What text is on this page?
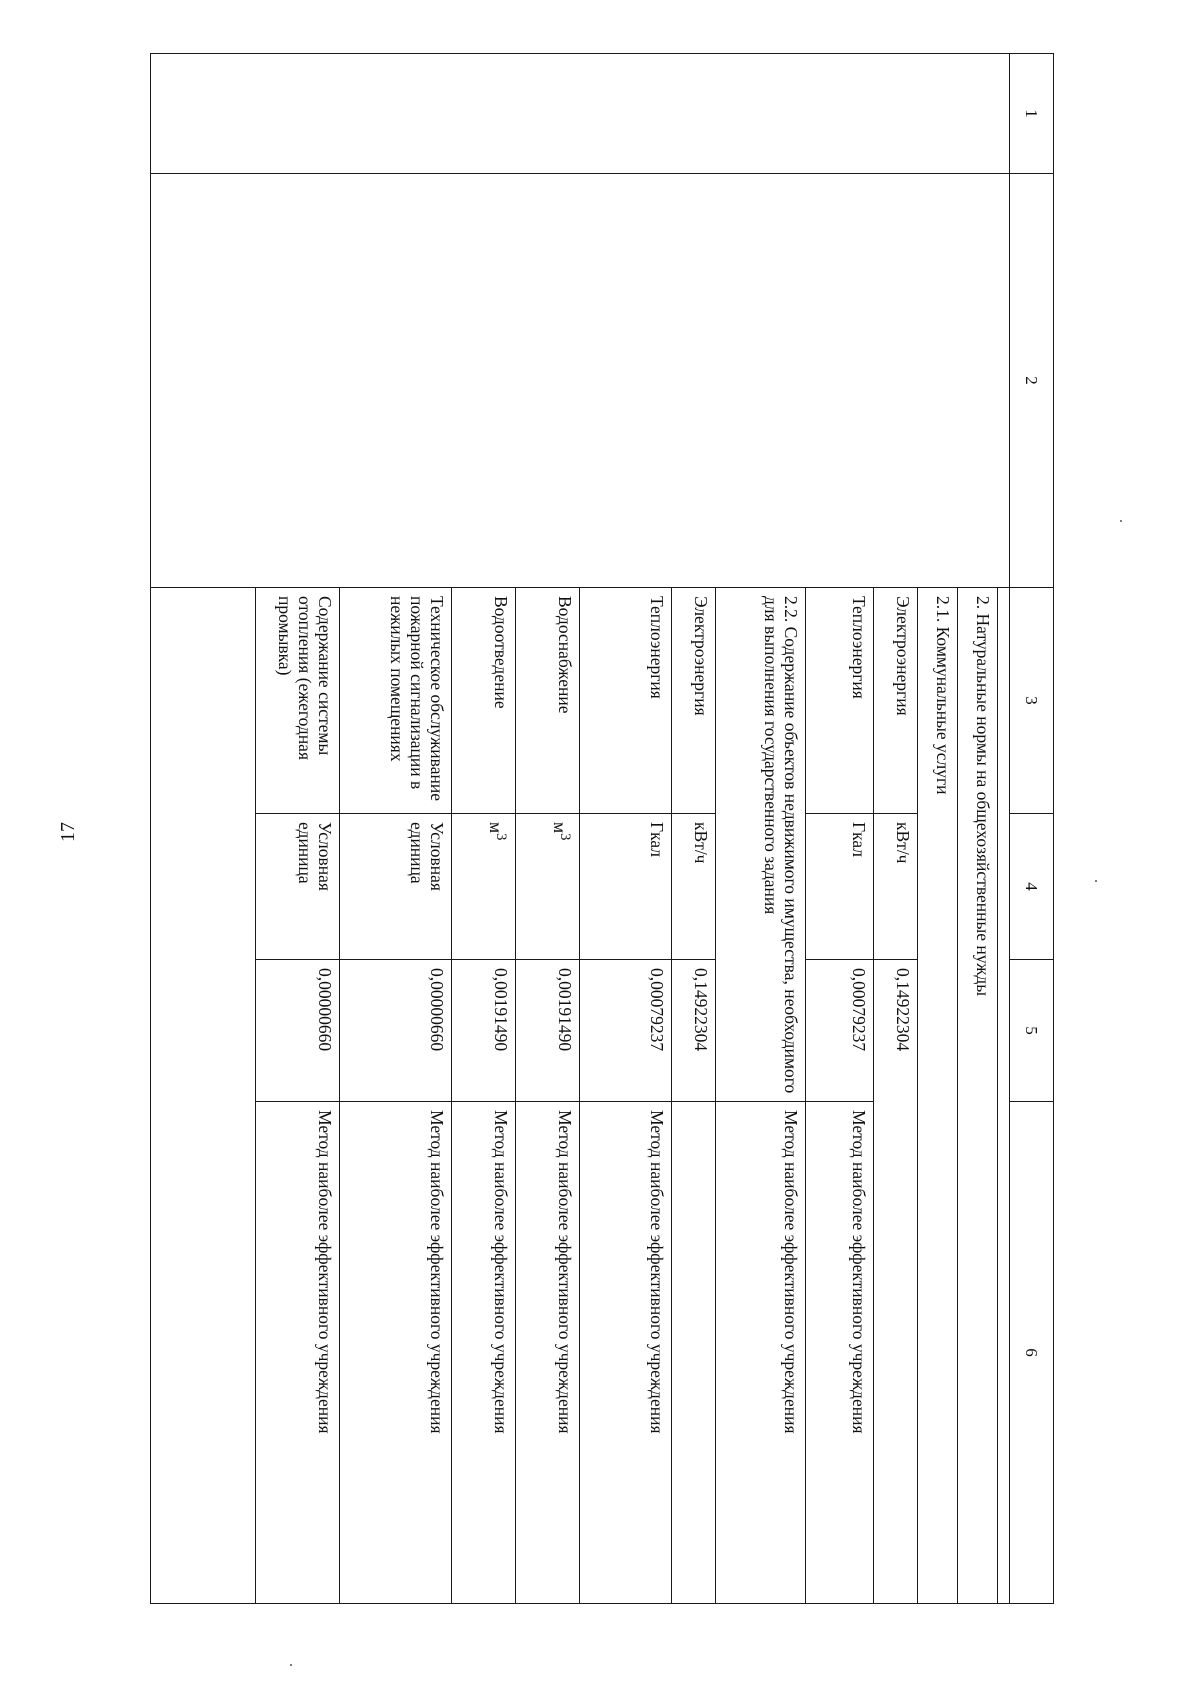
17
1	2	3	4	5	6

		2. Натуральные нормы на общехозяйственные нужды			
		2.1. Коммунальные услуги			
		Электроэнергия	кВт/ч	0,14922304	
		Теплоэнергия	Гкал	0,00079237	Метод наиболее эффективного учреждения
		2.2. Содержание объектов недвижимого имущества, необходимого для выполнения государственного задания			Метод наиболее эффективного учреждения
		Электроэнергия	кВт/ч	0,14922304	
		Теплоэнергия	Гкал	0,00079237	Метод наиболее эффективного учреждения
		Водоснабжение	$м^3$	0,00191490	Метод наиболее эффективного учреждения
		Водоотведение	$м^3$	0,00191490	Метод наиболее эффективного учреждения
		Техническое обслуживание пожарной сигнализации в нежилых помещениях	Условная единица	0,00000660	Метод наиболее эффективного учреждения
		Содержание системы отопления (ежегодная промывка)	Условная единица	0,00000660	Метод наиболее эффективного учреждения
